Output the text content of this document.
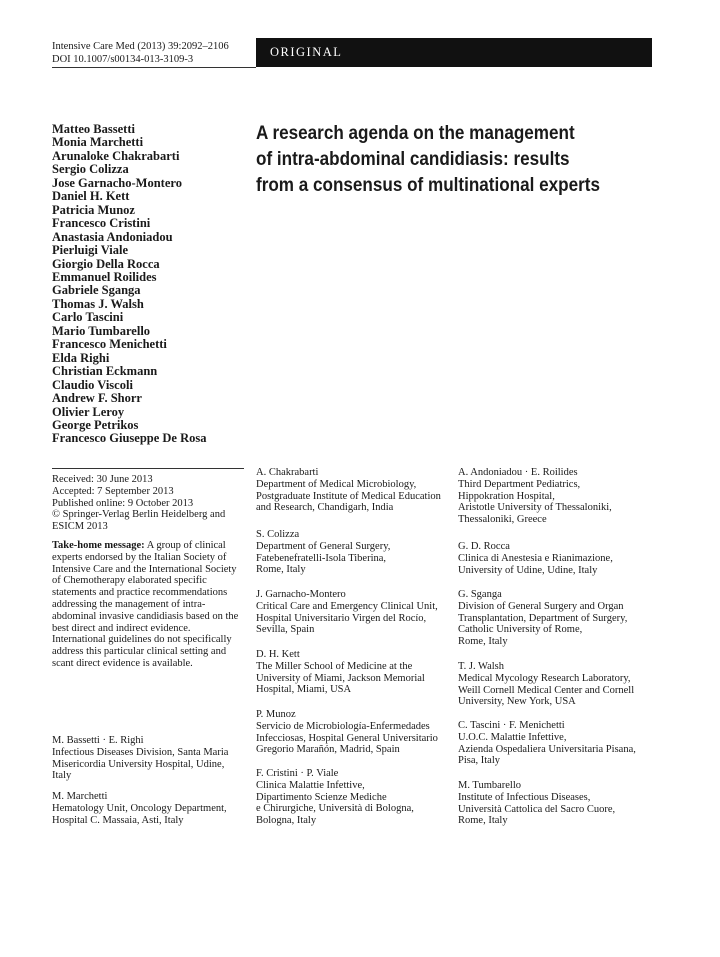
Intensive Care Med (2013) 39:2092–2106
DOI 10.1007/s00134-013-3109-3
ORIGINAL
Matteo Bassetti
Monia Marchetti
Arunaloke Chakrabarti
Sergio Colizza
Jose Garnacho-Montero
Daniel H. Kett
Patricia Munoz
Francesco Cristini
Anastasia Andoniadou
Pierluigi Viale
Giorgio Della Rocca
Emmanuel Roilides
Gabriele Sganga
Thomas J. Walsh
Carlo Tascini
Mario Tumbarello
Francesco Menichetti
Elda Righi
Christian Eckmann
Claudio Viscoli
Andrew F. Shorr
Olivier Leroy
George Petrikos
Francesco Giuseppe De Rosa
A research agenda on the management
of intra-abdominal candidiasis: results
from a consensus of multinational experts
Received: 30 June 2013
Accepted: 7 September 2013
Published online: 9 October 2013
© Springer-Verlag Berlin Heidelberg and
ESICM 2013
Take-home message: A group of clinical
experts endorsed by the Italian Society of
Intensive Care and the International Society
of Chemotherapy elaborated specific
statements and practice recommendations
addressing the management of intra-
abdominal invasive candidiasis based on the
best direct and indirect evidence.
International guidelines do not specifically
address this particular clinical setting and
scant direct evidence is available.
M. Bassetti · E. Righi
Infectious Diseases Division, Santa Maria
Misericordia University Hospital, Udine,
Italy
M. Marchetti
Hematology Unit, Oncology Department,
Hospital C. Massaia, Asti, Italy
A. Chakrabarti
Department of Medical Microbiology,
Postgraduate Institute of Medical Education
and Research, Chandigarh, India
S. Colizza
Department of General Surgery,
Fatebenefratelli-Isola Tiberina,
Rome, Italy
J. Garnacho-Montero
Critical Care and Emergency Clinical Unit,
Hospital Universitario Virgen del Rocío,
Sevilla, Spain
D. H. Kett
The Miller School of Medicine at the
University of Miami, Jackson Memorial
Hospital, Miami, USA
P. Munoz
Servicio de Microbiología-Enfermedades
Infecciosas, Hospital General Universitario
Gregorio Marañón, Madrid, Spain
F. Cristini · P. Viale
Clinica Malattie Infettive,
Dipartimento Scienze Mediche
e Chirurgiche, Università di Bologna,
Bologna, Italy
A. Andoniadou · E. Roilides
Third Department Pediatrics,
Hippokration Hospital,
Aristotle University of Thessaloniki,
Thessaloniki, Greece
G. D. Rocca
Clinica di Anestesia e Rianimazione,
University of Udine, Udine, Italy
G. Sganga
Division of General Surgery and Organ
Transplantation, Department of Surgery,
Catholic University of Rome,
Rome, Italy
T. J. Walsh
Medical Mycology Research Laboratory,
Weill Cornell Medical Center and Cornell
University, New York, USA
C. Tascini · F. Menichetti
U.O.C. Malattie Infettive,
Azienda Ospedaliera Universitaria Pisana,
Pisa, Italy
M. Tumbarello
Institute of Infectious Diseases,
Università Cattolica del Sacro Cuore,
Rome, Italy
